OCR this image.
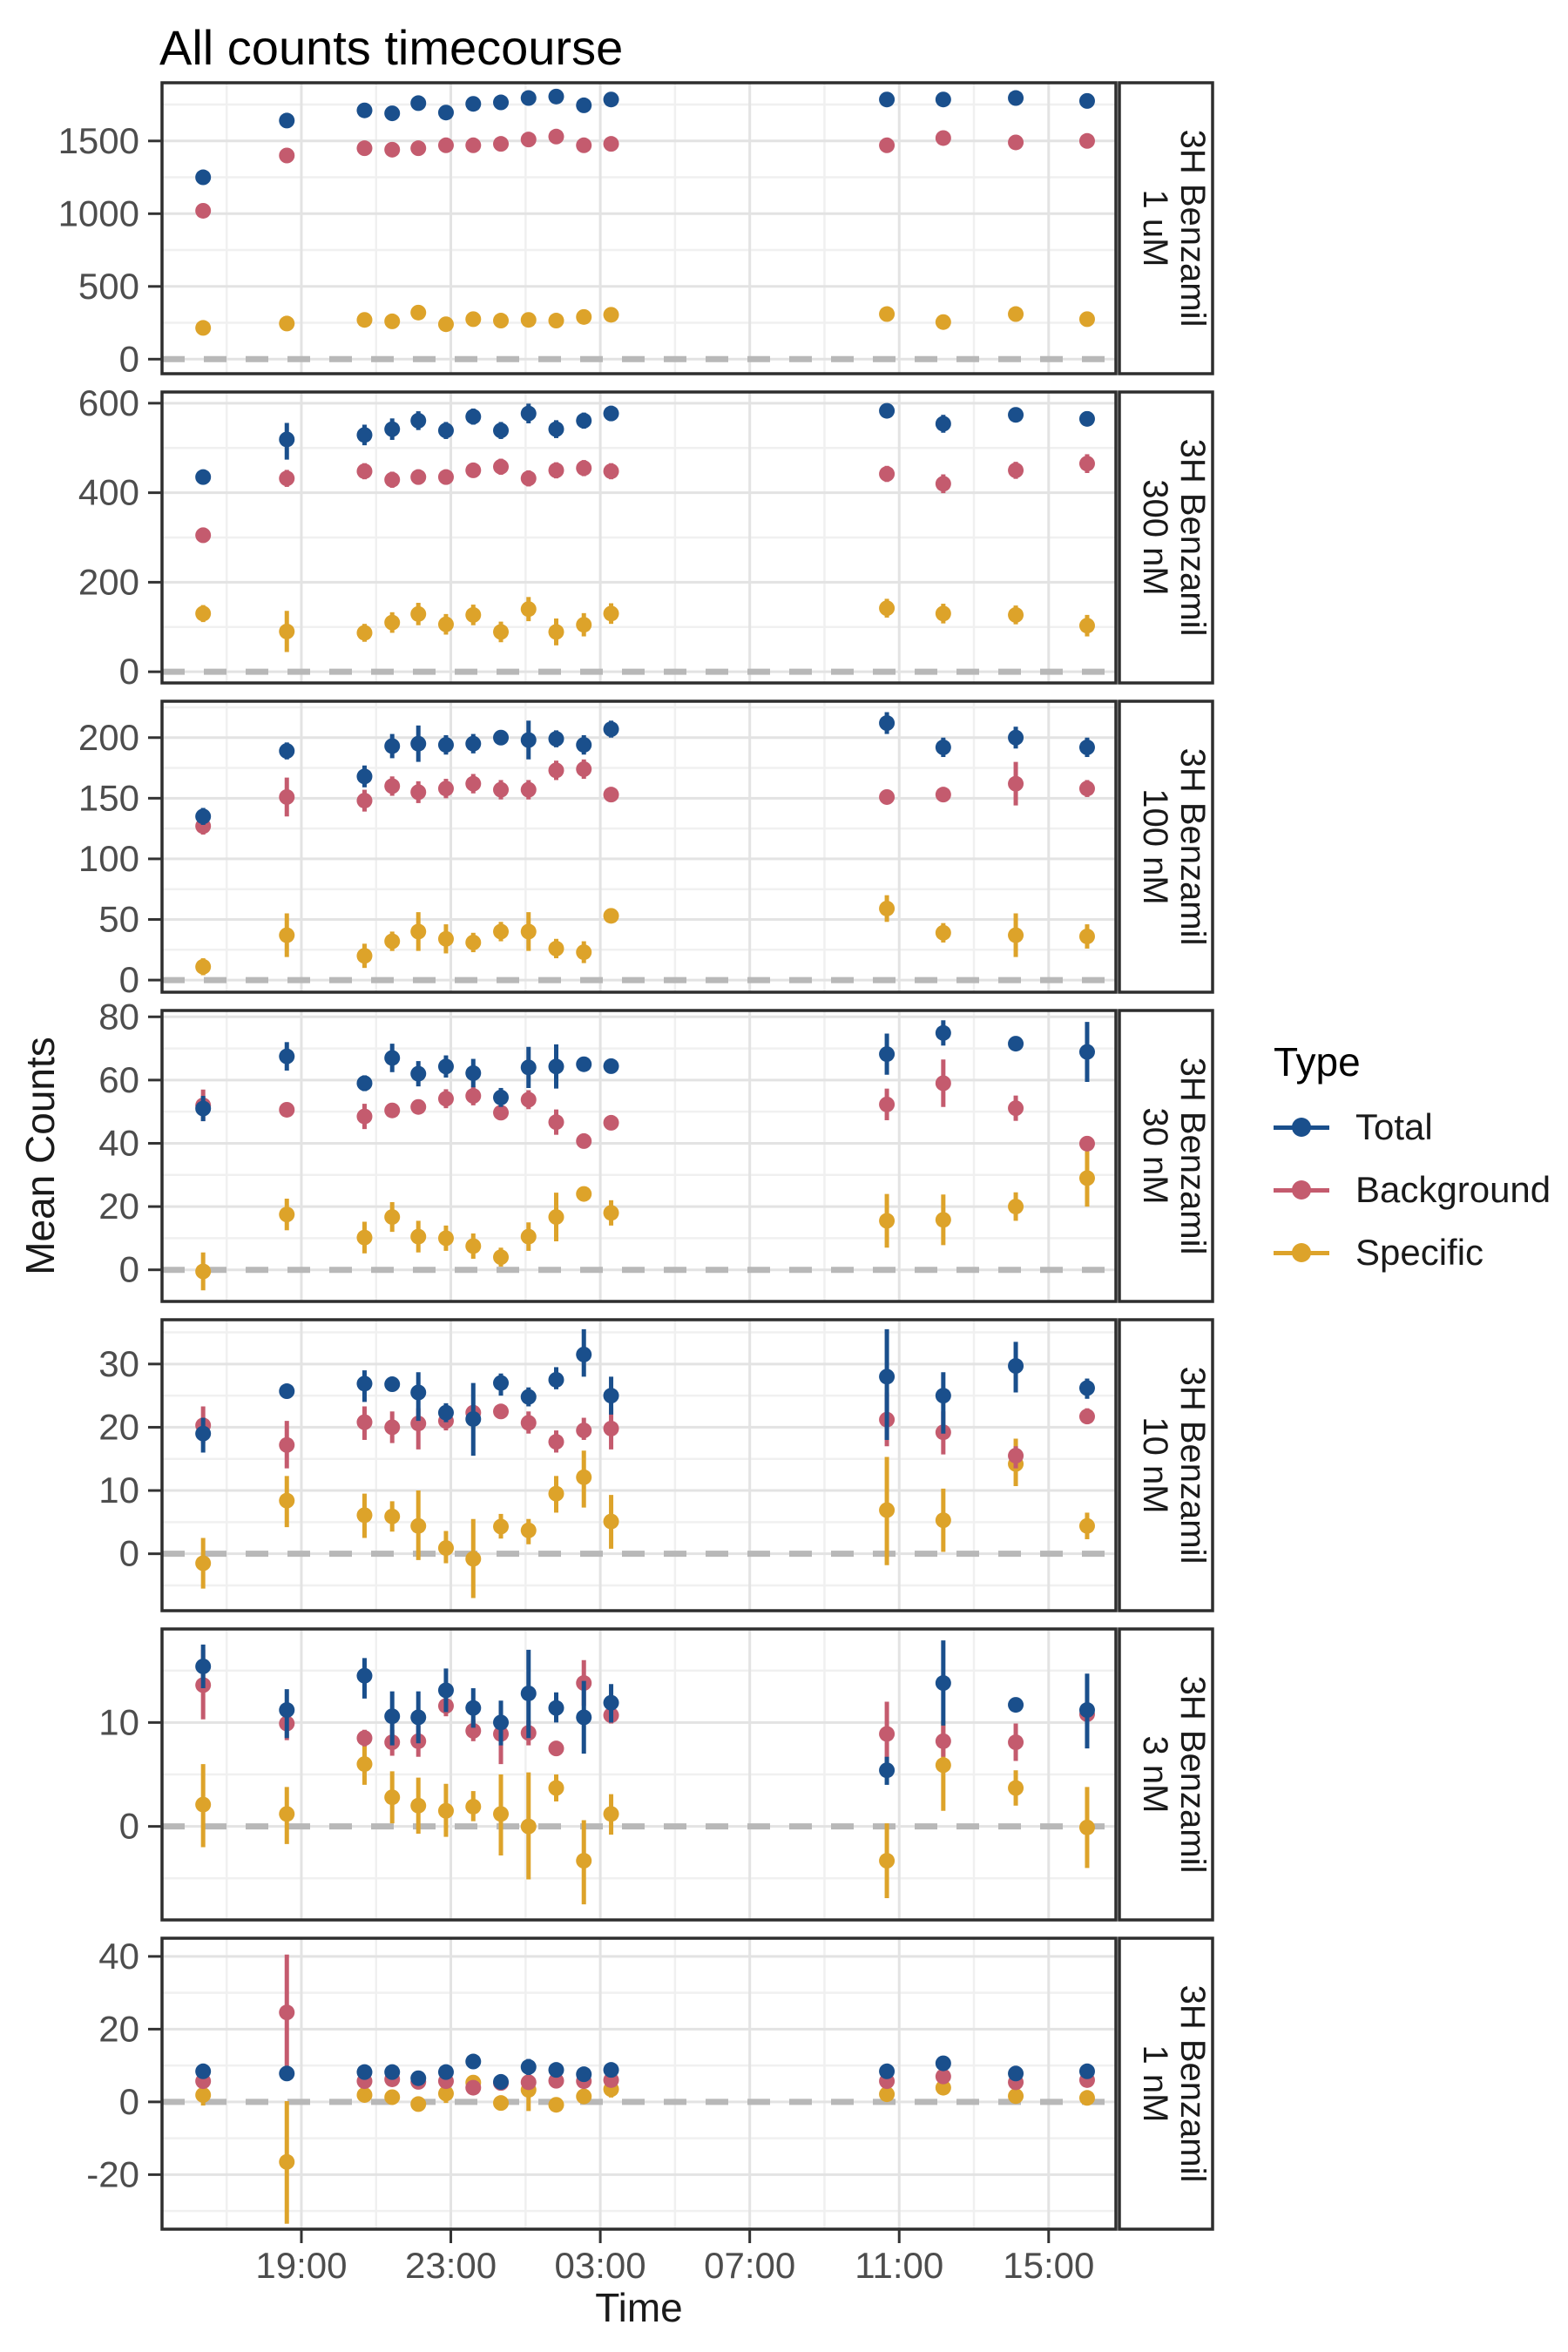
0
500
1000
1500
1 uM 3H Benzamil
0
200
400
600
300 nM 3H Benzamil
0
50
100
150
200
100 nM 3H Benzamil
0
20
40
60
80
30 nM 3H Benzamil
0
10
20
30
10 nM 3H Benzamil
0
10
3 nM 3H Benzamil
-20
0
20
40
1 nM 3H Benzamil
19:00 23:00 03:00 07:00 11:00 15:00
All counts timecourse
Time
Mean Counts	Type
Total
Background
Specific
